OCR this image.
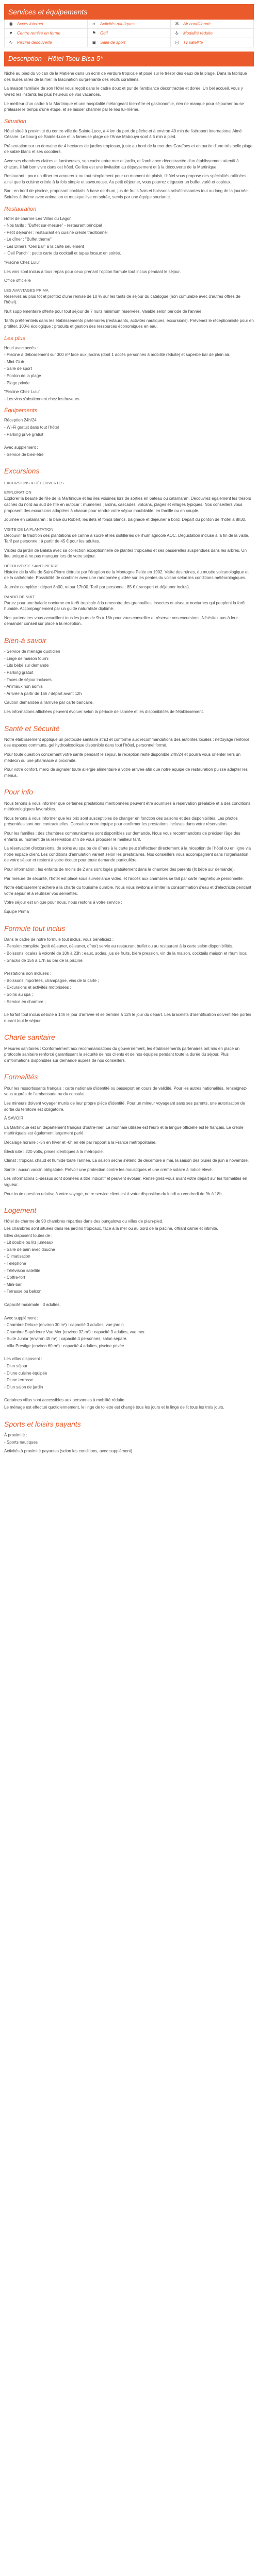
Services et équipements
◉ Accès internet	≈	Activités nautiques	✻ Air conditionné
♥	Centre remise en forme	⚑ Golf	♿ Modalité réduite
∿ Piscine découverte	▣ Salle de sport	◎ Tv satellite
Description - Hôtel Tsou Bisa 5*

Niché au pied du volcan de la Matiène dans un écrin de verdure tropicale et posé sur le trésor des eaux de la plage. Dans la fabrique des huiles rares de la mer, la fascination surprenante des récifs coralliens.

La maison familiale de son Hôtel vous reçoit dans le cadre doux et pur de l'ambiance décontractée et dorée. Un bel accueil, vous y vivrez les instants les plus heureux de vos vacances.

Le meilleur d'un cadre à la Martinique et une hospitalité mélangeant bien-être et gastronomie, rien ne manque pour séjourner ou se prélasser le temps d'une étape, et se laisser charmer par le lieu lui-même.

Situation

Hôtel situé à proximité du centre-ville de Sainte-Luce, à 4 km du port de pêche et à environ 40 min de l'aéroport international Aimé Césaire. Le bourg de Sainte-Luce et la fameuse plage de l'Anse Mabouya sont à 5 min à pied.

Présentation sur un domaine de 4 hectares de jardins tropicaux, juste au bord de la mer des Caraïbes et entourée d'une très belle plage de sable blanc et ses cocotiers.

Avec ses chambres claires et lumineuses, son cadre entre mer et jardin, et l'ambiance décontractée d'un établissement attentif à chacun, il fait bon vivre dans cet hôtel. Ce lieu est une invitation au dépaysement et à la découverte de la Martinique.

Restaurant : pour un dîner en amoureux ou tout simplement pour un moment de plaisir, l'hôtel vous propose des spécialités raffinées ainsi que la cuisine créole à la fois simple et savoureuse. Au petit déjeuner, vous pourrez déguster un buffet varié et copieux.

Bar : en bord de piscine, proposant cocktails à base de rhum, jus de fruits frais et boissons rafraîchissantes tout au long de la journée. Soirées à thème avec animation et musique live en soirée, servis par une équipe souriante.

Restauration
Hôtel de charme Les Villas du Lagon
- Nos tarifs : "Buffet sur-mesure" - restaurant principal
- Petit déjeuner : restaurant en cuisine créole traditionnel
- Le dîner : "Buffet thème"
- Les Dîners "Oeil Bar" à la carte seulement
- 'Oeil Punch' : petite carte du cocktail et tapas locaux en soirée.

"Piscine Chez Lulu"

Les vins sont inclus à tous repas pour ceux prenant l'option formule tout inclus pendant le séjour.

Office officielle

LES AVANTAGES PRIMA

Réservez au plus tôt et profitez d'une remise de 10 % sur les tarifs de séjour du catalogue (non cumulable avec d'autres offres de l'hôtel).

Nuit supplémentaire offerte pour tout séjour de 7 nuits minimum réservées. Valable selon période de l'année.

Tarifs préférentiels dans les établissements partenaires (restaurants, activités nautiques, excursions). Prévenez le réceptionniste pour en profiter. 100% écologique : produits et gestion des ressources économiques en eau.

Les plus
Hotel avec accès :
- Piscine à débordement sur 300 m² face aux jardins (dont 1 accès personnes à mobilité réduite) et superbe bar de plein air.
- Mini-Club
- Salle de sport
- Ponton de la plage
- Plage privée
"Piscine Chez Lulu"
- Les vins s'abstiennent chez les buveurs.
Équipements
Réception 24h/24
- Wi-Fi gratuit dans tout l'hôtel
- Parking privé gratuit
Avec supplément :
- Service de bien-être
Excursions
EXCURSIONS & DÉCOUVERTES
EXPLORATION

Explorer la beauté de l'île de la Martinique et les îles voisines lors de sorties en bateau ou catamaran. Découvrez également les trésors cachés du nord au sud de l'île en autocar : rhumeries, jardins, cascades, volcans, plages et villages typiques. Nos conseillers vous proposent des excursions adaptées à chacun pour rendre votre séjour inoubliable, en famille ou en couple.

Journée en catamaran : la baie du Robert, les îlets et fonds blancs, baignade et déjeuner à bord. Départ du ponton de l'hôtel à 8h30.

VISITE DE LA PLANTATION

Découvrir la tradition des plantations de canne à sucre et les distilleries de rhum agricole AOC. Dégustation incluse à la fin de la visite. Tarif par personne : à partir de 45 € pour les adultes.

Visites du jardin de Balata avec sa collection exceptionnelle de plantes tropicales et ses passerelles suspendues dans les arbres. Un lieu unique à ne pas manquer lors de votre séjour.

DÉCOUVERTE SAINT-PIERRE

Histoire de la ville de Saint-Pierre détruite par l'éruption de la Montagne Pelée en 1902. Visite des ruines, du musée volcanologique et de la cathédrale. Possibilité de combiner avec une randonnée guidée sur les pentes du volcan selon les conditions météorologiques.

Journée complète : départ 8h00, retour 17h00. Tarif par personne : 85 € (transport et déjeuner inclus).

RANDO DE NUIT

Partez pour une balade nocturne en forêt tropicale à la rencontre des grenouilles, insectes et oiseaux nocturnes qui peuplent la forêt humide. Accompagnement par un guide naturaliste diplômé.

Nos partenaires vous accueillent tous les jours de 9h à 18h pour vous conseiller et réserver vos excursions. N'hésitez pas à leur demander conseil sur place à la réception.

Bien-à savoir
- Service de ménage quotidien
- Linge de maison fourni
- Lits bébé sur demande
- Parking gratuit
- Taxes de séjour incluses
- Animaux non admis
- Arrivée à partir de 15h / départ avant 12h

Caution demandée à l'arrivée par carte bancaire.

Les informations affichées peuvent évoluer selon la période de l'année et les disponibilités de l'établissement.

Santé et Sécurité

Notre établissement applique un protocole sanitaire strict et conforme aux recommandations des autorités locales : nettoyage renforcé des espaces communs, gel hydroalcoolique disponible dans tout l'hôtel, personnel formé.

Pour toute question concernant votre santé pendant le séjour, la réception reste disponible 24h/24 et pourra vous orienter vers un médecin ou une pharmacie à proximité.

Pour votre confort, merci de signaler toute allergie alimentaire à votre arrivée afin que notre équipe de restauration puisse adapter les menus.

Pour info

Nous tenons à vous informer que certaines prestations mentionnées peuvent être soumises à réservation préalable et à des conditions météorologiques favorables.

Nous tenons à vous informer que les prix sont susceptibles de changer en fonction des saisons et des disponibilités. Les photos présentées sont non contractuelles. Consultez notre équipe pour confirmer les prestations incluses dans votre réservation.

Pour les familles : des chambres communicantes sont disponibles sur demande. Nous vous recommandons de préciser l'âge des enfants au moment de la réservation afin de vous proposer le meilleur tarif.

La réservation d'excursions, de soins au spa ou de dîners à la carte peut s'effectuer directement à la réception de l'hôtel ou en ligne via notre espace client. Les conditions d'annulation varient selon les prestataires. Nos conseillers vous accompagnent dans l'organisation de votre séjour et restent à votre écoute pour toute demande particulière.

Pour information : les enfants de moins de 2 ans sont logés gratuitement dans la chambre des parents (lit bébé sur demande).

Par mesure de sécurité, l'hôtel est placé sous surveillance vidéo, et l'accès aux chambres se fait par carte magnétique personnelle.

Notre établissement adhère à la charte du tourisme durable. Nous vous invitons à limiter la consommation d'eau et d'électricité pendant votre séjour et à réutiliser vos serviettes.

Votre séjour est unique pour nous, nous restons à votre service :

Équipe Prima

Formule tout inclus
Dans le cadre de notre formule tout inclus, vous bénéficiez :
- Pension complète (petit déjeuner, déjeuner, dîner) servie au restaurant buffet ou au restaurant à la carte selon disponibilités.
- Boissons locales à volonté de 10h à 23h : eaux, sodas, jus de fruits, bière pression, vin de la maison, cocktails maison et rhum local.
- Snacks de 15h à 17h au bar de la piscine.
Prestations non incluses :
- Boissons importées, champagne, vins de la carte ;
- Excursions et activités motorisées ;
- Soins au spa ;
- Service en chambre ;
Le forfait tout inclus débute à 14h le jour d'arrivée et se termine à 12h le jour du départ. Les bracelets d'identification doivent être portés durant tout le séjour.
Charte sanitaire

Mesures sanitaires : Conformément aux recommandations du gouvernement, les établissements partenaires ont mis en place un protocole sanitaire renforcé garantissant la sécurité de nos clients et de nos équipes pendant toute la durée du séjour. Plus d'informations disponibles sur demande auprès de nos conseillers.

Formalités

Pour les ressortissants français : carte nationale d'identité ou passeport en cours de validité. Pour les autres nationalités, renseignez-vous auprès de l'ambassade ou du consulat.

Les mineurs doivent voyager munis de leur propre pièce d'identité. Pour un mineur voyageant sans ses parents, une autorisation de sortie du territoire est obligatoire.

À SAVOIR :

La Martinique est un département français d'outre-mer. La monnaie utilisée est l'euro et la langue officielle est le français. Le créole martiniquais est également largement parlé.

Décalage horaire : -5h en hiver et -6h en été par rapport à la France métropolitaine.

Électricité : 220 volts, prises identiques à la métropole.

Climat : tropical, chaud et humide toute l'année. La saison sèche s'étend de décembre à mai, la saison des pluies de juin à novembre.

Santé : aucun vaccin obligatoire. Prévoir une protection contre les moustiques et une crème solaire à indice élevé.

Les informations ci-dessus sont données à titre indicatif et peuvent évoluer. Renseignez-vous avant votre départ sur les formalités en vigueur.

Pour toute question relative à votre voyage, notre service client est à votre disposition du lundi au vendredi de 9h à 18h.

Logement
Hôtel de charme de 90 chambres réparties dans des bungalows ou villas de plain-pied.
Les chambres sont situées dans les jardins tropicaux, face à la mer ou au bord de la piscine, offrant calme et intimité.
Elles disposent toutes de :
- Lit double ou lits jumeaux
- Salle de bain avec douche
- Climatisation
- Téléphone
- Télévision satellite
- Coffre-fort
- Mini-bar
- Terrasse ou balcon
Capacité maximale : 3 adultes.
Avec supplément :
- Chambre Deluxe (environ 30 m²) : capacité 3 adultes, vue jardin.
- Chambre Supérieure Vue Mer (environ 32 m²) : capacité 3 adultes, vue mer.
- Suite Junior (environ 45 m²) : capacité 4 personnes, salon séparé.
- Villa Prestige (environ 60 m²) : capacité 4 adultes, piscine privée.
Les villas disposent :
- D'un séjour
- D'une cuisine équipée
- D'une terrasse
- D'un salon de jardin
Certaines villas sont accessibles aux personnes à mobilité réduite.
Le ménage est effectué quotidiennement, le linge de toilette est changé tous les jours et le linge de lit tous les trois jours.
Sports et loisirs payants
À proximité :
- Sports nautiques

Activités à proximité payantes (selon les conditions, avec supplément).
